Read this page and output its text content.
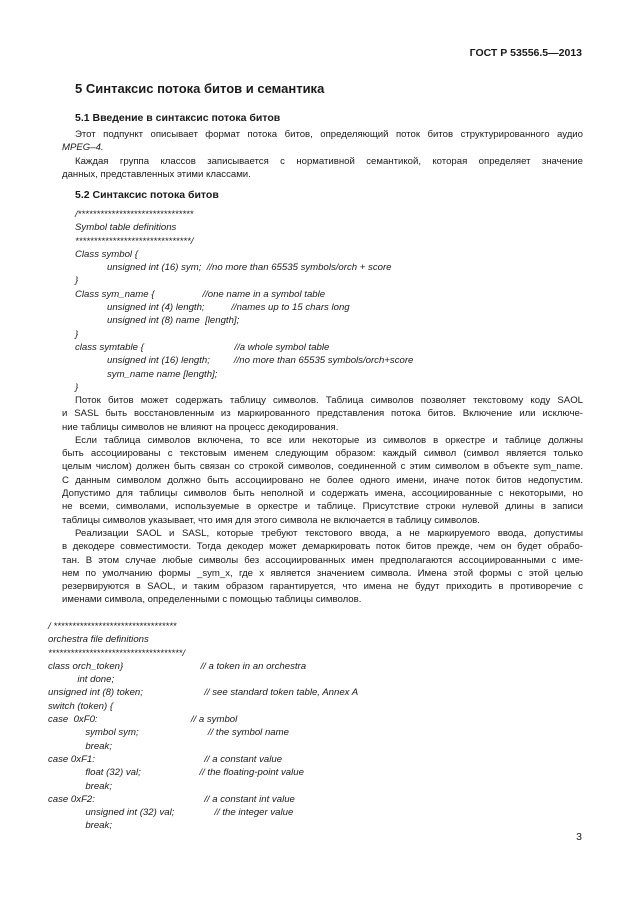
ГОСТ Р 53556.5—2013
5 Синтаксис потока битов и семантика
5.1 Введение в синтаксис потока битов
Этот подпункт описывает формат потока битов, определяющий поток битов структурированного аудио
MPEG–4.
Каждая группа классов записывается с нормативной семантикой, которая определяет значение
данных, представленных этими классами.
5.2 Синтаксис потока битов
/*******************************
Symbol table definitions
*******************************/
Class symbol {
unsigned int (16) sym;  //no more than 65535 symbols/orch + score
}
Class sym_name {                  //one name in a symbol table
unsigned int (4) length;          //names up to 15 chars long
unsigned int (8) name  [length];
}
class symtable {                                  //a whole symbol table
unsigned int (16) length;         //no more than 65535 symbols/orch+score
sym_name name [length];
}
Поток битов может содержать таблицу символов. Таблица символов позволяет текстовому коду SAOL
и SASL быть восстановленным из маркированного представления потока битов. Включение или исключе-
ние таблицы символов не влияют на процесс декодирования.
Если таблица символов включена, то все или некоторые из символов в оркестре и таблице должны
быть ассоциированы с текстовым именем следующим образом: каждый символ (символ является только
целым числом) должен быть связан со строкой символов, соединенной с этим символом в объекте sym_name.
С данным символом должно быть ассоциировано не более одного имени, иначе поток битов недопустим.
Допустимо для таблицы символов быть неполной и содержать имена, ассоциированные с некоторыми, но
не всеми, символами, используемые в оркестре и таблице. Присутствие строки нулевой длины в записи
таблицы символов указывает, что имя для этого символа не включается в таблицу символов.
Реализации SAOL и SASL, которые требуют текстового ввода, а не маркируемого ввода, допустимы
в декодере совместимости. Тогда декодер может демаркировать поток битов прежде, чем он будет обрабо-
тан. В этом случае любые символы без ассоциированных имен предполагаются ассоциированными с име-
нем по умолчанию формы _sym_x, где x является значением символа. Имена этой формы с этой целью
резервируются в SAOL, и таким образом гарантируется, что имена не будут приходить в противоречие с
именами символа, определенными с помощью таблицы символов.
/ *********************************
orchestra file definitions
************************************/
class orch_token}                             // a token in an orchestra
int done;
unsigned int (8) token;                       // see standard token table, Annex A
switch (token) {
case  0xF0:                                   // a symbol
symbol sym;                          // the symbol name
break;
case 0xF1:                                         // a constant value
float (32) val;                      // the floating-point value
break;
case 0xF2:                                         // a constant int value
unsigned int (32) val;               // the integer value
break;
3
